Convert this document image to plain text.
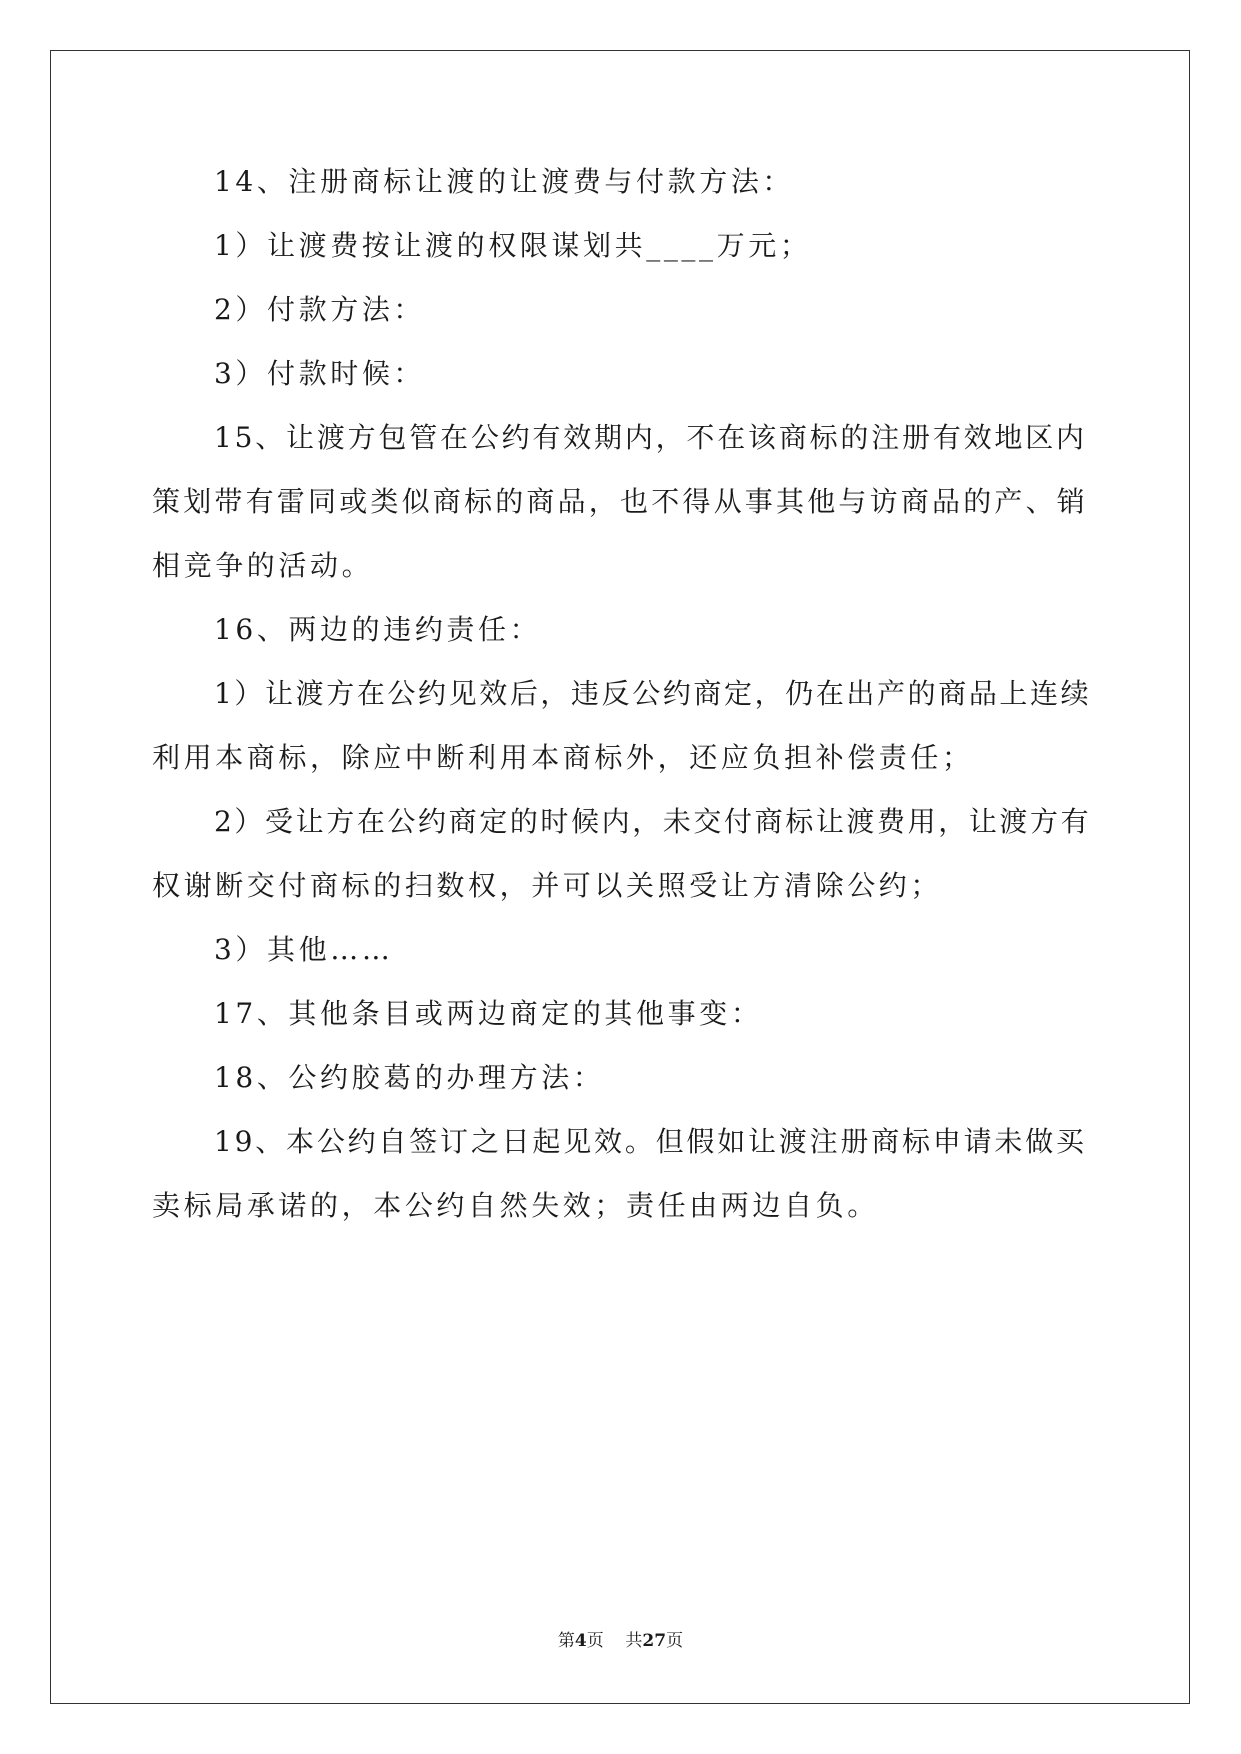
14、注册商标让渡的让渡费与付款方法：
1）让渡费按让渡的权限谋划共____万元；
2）付款方法：
3）付款时候：
15、让渡方包管在公约有效期内，不在该商标的注册有效地区内
策划带有雷同或类似商标的商品，也不得从事其他与访商品的产、销
相竞争的活动。
16、两边的违约责任：
1）让渡方在公约见效后，违反公约商定，仍在出产的商品上连续
利用本商标，除应中断利用本商标外，还应负担补偿责任；
2）受让方在公约商定的时候内，未交付商标让渡费用，让渡方有
权谢断交付商标的扫数权，并可以关照受让方清除公约；
3）其他……
17、其他条目或两边商定的其他事变：
18、公约胶葛的办理方法：
19、本公约自签订之日起见效。但假如让渡注册商标申请未做买
卖标局承诺的，本公约自然失效；责任由两边自负。
第4页 共27页
